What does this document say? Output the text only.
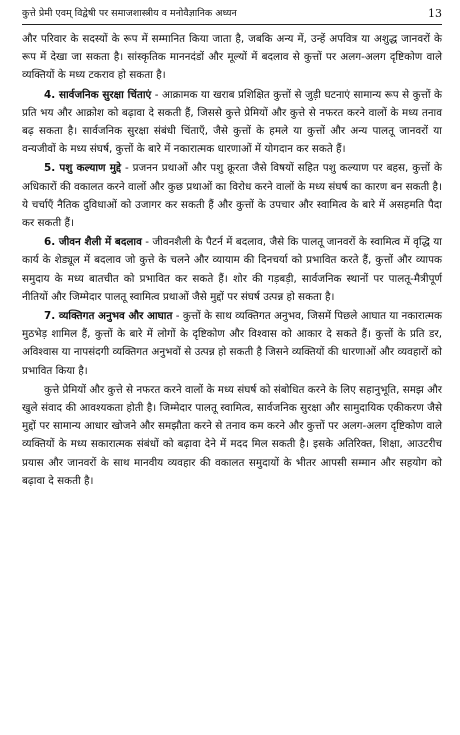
कुत्ते प्रेमी एवम् विद्वेषी पर समाजशास्त्रीय व मनोवैज्ञानिक अध्यन	13

और परिवार के सदस्यों के रूप में सम्मानित किया जाता है, जबकि अन्य में, उन्हें अपवित्र या अशुद्ध जानवरों के रूप में देखा जा सकता है। सांस्कृतिक माननदंडों और मूल्यों में बदलाव से कुत्तों पर अलग-अलग दृष्टिकोण वाले व्यक्तियों के मध्य टकराव हो सकता है।

4. सार्वजनिक सुरक्षा चिंताएं - आक्रामक या खराब प्रशिक्षित कुत्तों से जुड़ी घटनाएं सामान्य रूप से कुत्तों के प्रति भय और आक्रोश को बढ़ावा दे सकती हैं, जिससे कुत्ते प्रेमियों और कुत्ते से नफरत करने वालों के मध्य तनाव बढ़ सकता है। सार्वजनिक सुरक्षा संबंधी चिंताएँ, जैसे कुत्तों के हमले या कुत्तों और अन्य पालतू जानवरों या वन्यजीवों के मध्य संघर्ष, कुत्तों के बारे में नकारात्मक धारणाओं में योगदान कर सकते हैं।

5. पशु कल्याण मुद्दे - प्रजनन प्रथाओं और पशु क्रूरता जैसे विषयों सहित पशु कल्याण पर बहस, कुत्तों के अधिकारों की वकालत करने वालों और कुछ प्रथाओं का विरोध करने वालों के मध्य संघर्ष का कारण बन सकती है। ये चर्चाएँ नैतिक दुविधाओं को उजागर कर सकती हैं और कुत्तों के उपचार और स्वामित्व के बारे में असहमति पैदा कर सकती हैं।

6. जीवन शैली में बदलाव - जीवनशैली के पैटर्न में बदलाव, जैसे कि पालतू जानवरों के स्वामित्व में वृद्धि या कार्य के शेड्यूल में बदलाव जो कुत्ते के चलने और व्यायाम की दिनचर्या को प्रभावित करते हैं, कुत्तों और व्यापक समुदाय के मध्य बातचीत को प्रभावित कर सकते हैं। शोर की गड़बड़ी, सार्वजनिक स्थानों पर पालतू-मैत्रीपूर्ण नीतियों और जिम्मेदार पालतू स्वामित्व प्रथाओं जैसे मुद्दों पर संघर्ष उत्पन्न हो सकता है।

7. व्यक्तिगत अनुभव और आघात - कुत्तों के साथ व्यक्तिगत अनुभव, जिसमें पिछले आघात या नकारात्मक मुठभेड़ शामिल हैं, कुत्तों के बारे में लोगों के दृष्टिकोण और विश्वास को आकार दे सकते हैं। कुत्तों के प्रति डर, अविश्वास या नापसंदगी व्यक्तिगत अनुभवों से उत्पन्न हो सकती है जिसने व्यक्तियों की धारणाओं और व्यवहारों को प्रभावित किया है।

कुत्ते प्रेमियों और कुत्ते से नफरत करने वालों के मध्य संघर्ष को संबोधित करने के लिए सहानुभूति, समझ और खुले संवाद की आवश्यकता होती है। जिम्मेदार पालतू स्वामित्व, सार्वजनिक सुरक्षा और सामुदायिक एकीकरण जैसे मुद्दों पर सामान्य आधार खोजने और समझौता करने से तनाव कम करने और कुत्तों पर अलग-अलग दृष्टिकोण वाले व्यक्तियों के मध्य सकारात्मक संबंधों को बढ़ावा देने में मदद मिल सकती है। इसके अतिरिक्त, शिक्षा, आउटरीच प्रयास और जानवरों के साथ मानवीय व्यवहार की वकालत समुदायों के भीतर आपसी सम्मान और सहयोग को बढ़ावा दे सकती है।
